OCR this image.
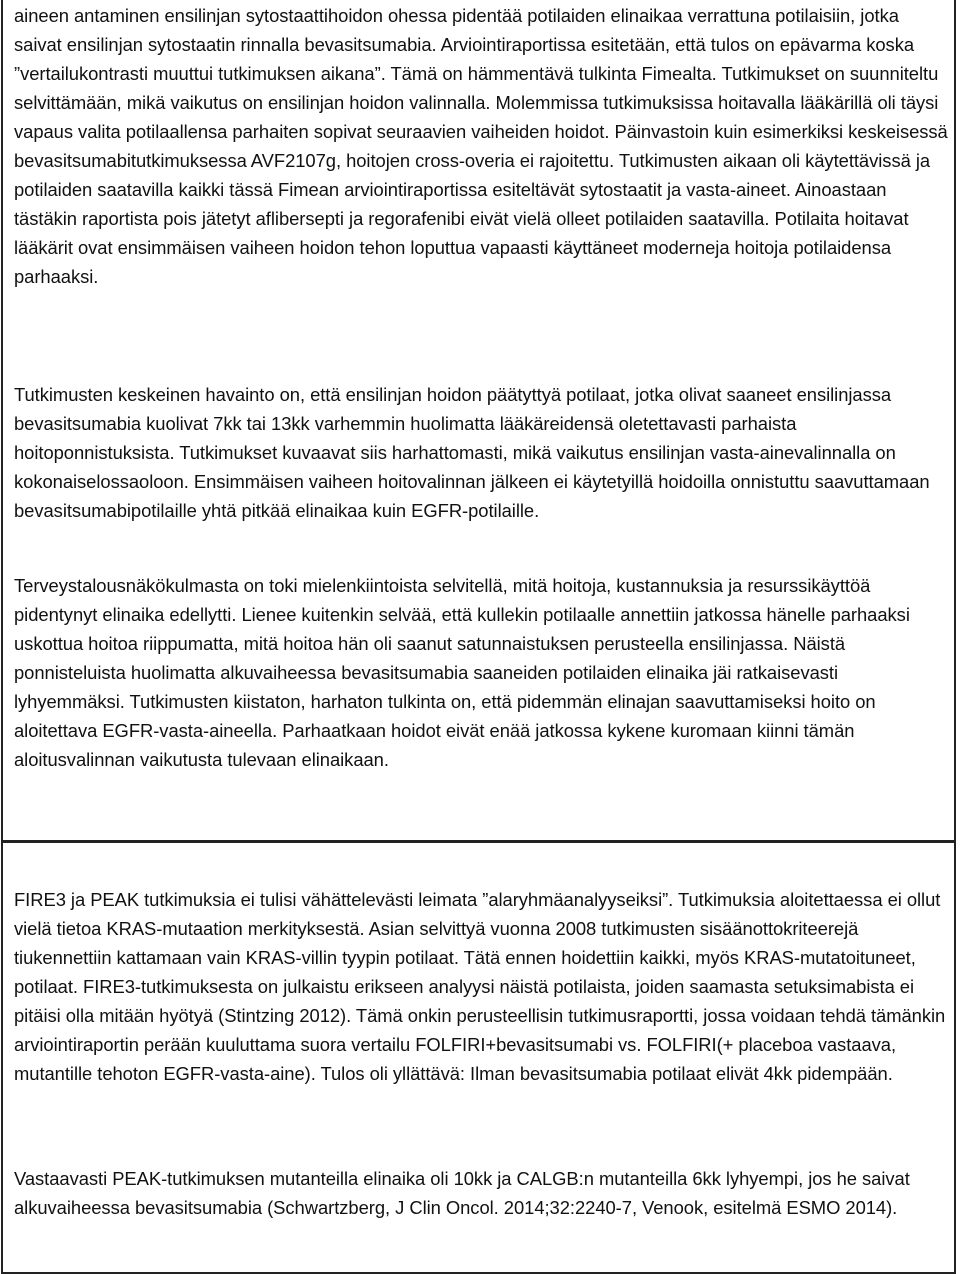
aineen antaminen ensilinjan sytostaattihoidon ohessa pidentää potilaiden elinaikaa verrattuna potilaisiin, jotka saivat ensilinjan sytostaatin rinnalla bevasitsumabia. Arviointiraportissa esitetään, että tulos on epävarma koska ”vertailukontrasti muuttui tutkimuksen aikana”. Tämä on hämmentävä tulkinta Fimealta. Tutkimukset on suunniteltu selvittämään, mikä vaikutus on ensilinjan hoidon valinnalla. Molemmissa tutkimuksissa hoitavalla lääkärillä oli täysi vapaus valita potilaallensa parhaiten sopivat seuraavien vaiheiden hoidot. Päinvastoin kuin esimerkiksi keskeisessä bevasitsumabitutkimuksessa AVF2107g, hoitojen cross-overia ei rajoitettu. Tutkimusten aikaan oli käytettävissä ja potilaiden saatavilla kaikki tässä Fimean arviointiraportissa esiteltävät sytostaatit ja vasta-aineet. Ainoastaan tästäkin raportista pois jätetyt aflibersepti ja regorafenibi eivät vielä olleet potilaiden saatavilla. Potilaita hoitavat lääkärit ovat ensimmäisen vaiheen hoidon tehon loputtua vapaasti käyttäneet moderneja hoitoja potilaidensa parhaaksi.

Tutkimusten keskeinen havainto on, että ensilinjan hoidon päätyttyä potilaat, jotka olivat saaneet ensilinjassa bevasitsumabia kuolivat 7kk tai 13kk varhemmin huolimatta lääkäreidensä oletettavasti parhaista hoitoponnistuksista. Tutkimukset kuvaavat siis harhattomasti, mikä vaikutus ensilinjan vasta-ainevalinnalla on kokonaiselossaoloon. Ensimmäisen vaiheen hoitovalinnan jälkeen ei käytetyillä hoidoilla onnistuttu saavuttamaan bevasitsumabipotilaille yhtä pitkää elinaikaa kuin EGFR-potilaille.

Terveystalousnäkökulmasta on toki mielenkiintoista selvitellä, mitä hoitoja, kustannuksia ja resurssikäyttöä pidentynyt elinaika edellytti. Lienee kuitenkin selvää, että kullekin potilaalle annettiin jatkossa hänelle parhaaksi uskottua hoitoa riippumatta, mitä hoitoa hän oli saanut satunnaistuksen perusteella ensilinjassa. Näistä ponnisteluista huolimatta alkuvaiheessa bevasitsumabia saaneiden potilaiden elinaika jäi ratkaisevasti lyhyemmäksi. Tutkimusten kiistaton, harhaton tulkinta on, että pidemmän elinajan saavuttamiseksi hoito on aloitettava EGFR-vasta-aineella. Parhaatkaan hoidot eivät enää jatkossa kykene kuromaan kiinni tämän aloitusvalinnan vaikutusta tulevaan elinaikaan.

FIRE3 ja PEAK tutkimuksia ei tulisi vähättelevästi leimata ”alaryhmäanalyyseiksi”. Tutkimuksia aloitettaessa ei ollut vielä tietoa KRAS-mutaation merkityksestä. Asian selvittyä vuonna 2008 tutkimusten sisäänottokriteerejä tiukennettiin kattamaan vain KRAS-villin tyypin potilaat. Tätä ennen hoidettiin kaikki, myös KRAS-mutatoituneet, potilaat. FIRE3-tutkimuksesta on julkaistu erikseen analyysi näistä potilaista, joiden saamasta setuksimabista ei pitäisi olla mitään hyötyä (Stintzing 2012). Tämä onkin perusteellisin tutkimusraportti, jossa voidaan tehdä tämänkin arviointiraportin perään kuuluttama suora vertailu FOLFIRI+bevasitsumabi vs. FOLFIRI(+ placeboa vastaava, mutantille tehoton EGFR-vasta-aine). Tulos oli yllättävä: Ilman bevasitsumabia potilaat elivät 4kk pidempään.

Vastaavasti PEAK-tutkimuksen mutanteilla elinaika oli 10kk ja CALGB:n mutanteilla 6kk lyhyempi, jos he saivat alkuvaiheessa bevasitsumabia (Schwartzberg, J Clin Oncol. 2014;32:2240-7, Venook, esitelmä ESMO 2014).
